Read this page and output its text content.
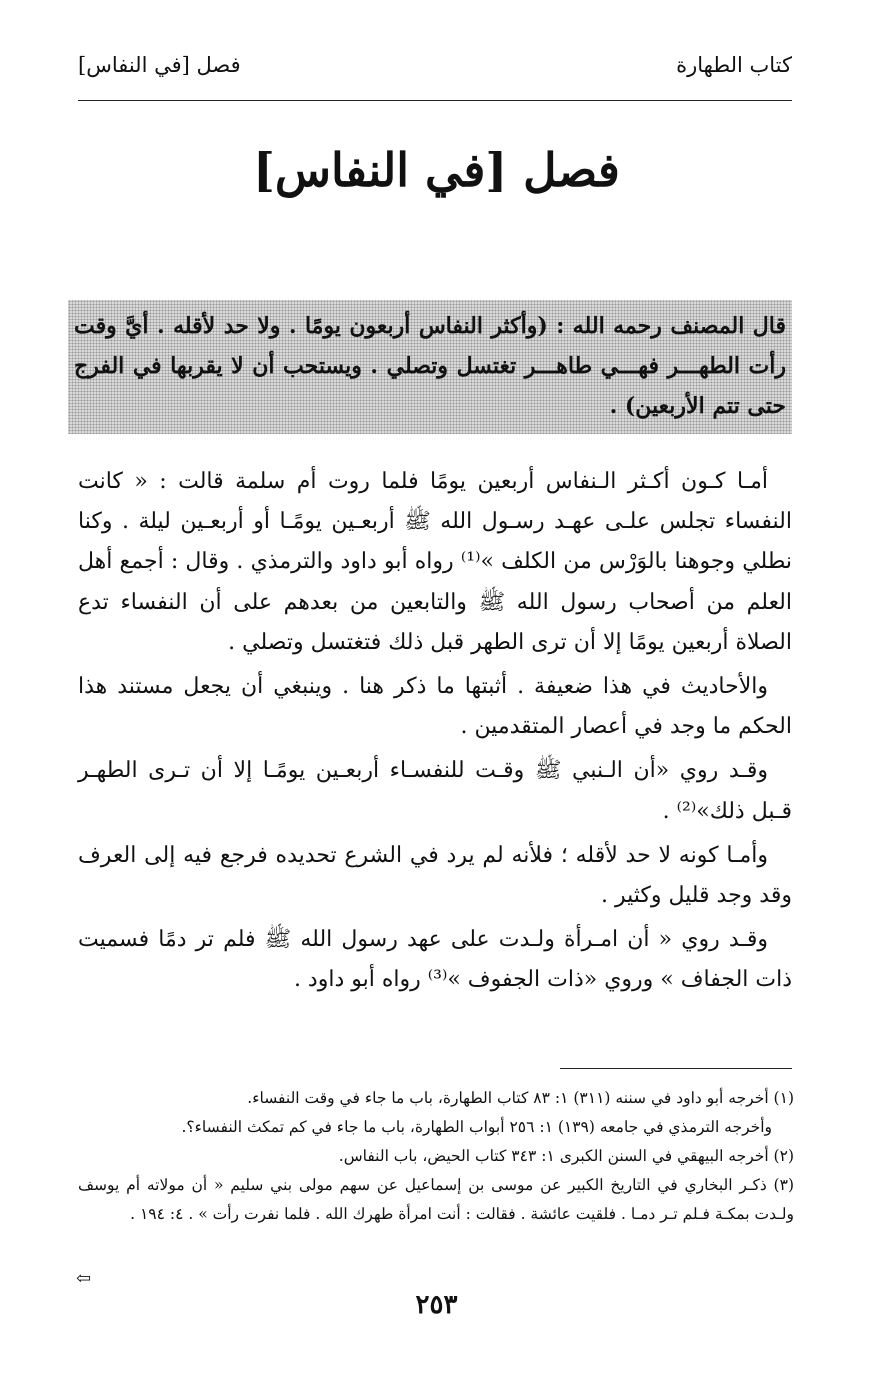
كتاب الطهارة
فصل [في النفاس]
فصل [في النفاس]
قال المصنف رحمه الله : (وأكثر النفاس أربعون يومًا . ولا حد لأقله . أيَّ وقت رأت الطهـــر فهـــي طاهـــر تغتسل وتصلي . ويستحب أن لا يقربها في الفرج حتى تتم الأربعين) .

أمـا كـون أكـثر الـنفاس أربعين يومًا فلما روت أم سلمة قالت : « كانت النفساء تجلس علـى عهـد رسـول الله ﷺ أربعـين يومًـا أو أربعـين ليلة . وكنا نطلي وجوهنا بالوَرْس من الكلف »⁽¹⁾ رواه أبو داود والترمذي . وقال : أجمع أهل العلم من أصحاب رسول الله ﷺ والتابعين من بعدهم على أن النفساء تدع الصلاة أربعين يومًا إلا أن ترى الطهر قبل ذلك فتغتسل وتصلي .

والأحاديث في هذا ضعيفة . أثبتها ما ذكر هنا . وينبغي أن يجعل مستند هذا الحكم ما وجد في أعصار المتقدمين .

وقـد روي «أن الـنبي ﷺ وقـت للنفسـاء أربعـين يومًـا إلا أن تـرى الطهـر قـبل ذلك»⁽²⁾ .

وأمـا كونه لا حد لأقله ؛ فلأنه لم يرد في الشرع تحديده فرجع فيه إلى العرف وقد وجد قليل وكثير .

وقـد روي « أن امـرأة ولـدت على عهد رسول الله ﷺ فلم تر دمًا فسميت ذات الجفاف » وروي «ذات الجفوف »⁽³⁾ رواه أبو داود .

(١) أخرجه أبو داود في سننه (٣١١) ١: ٨٣ كتاب الطهارة، باب ما جاء في وقت النفساء.

وأخرجه الترمذي في جامعه (١٣٩) ١: ٢٥٦ أبواب الطهارة، باب ما جاء في كم تمكث النفساء؟.

(٢) أخرجه البيهقي في السنن الكبرى ١: ٣٤٣ كتاب الحيض، باب النفاس.

(٣) ذكـر البخاري في التاريخ الكبير عن موسى بن إسماعيل عن سهم مولى بني سليم « أن مولاته أم يوسف ولـدت بمكـة فـلم تـر دمـا . فلقيت عائشة . فقالت : أنت امرأة طهرك الله . فلما نفرت رأت » . ٤: ١٩٤ .

⇦
٢٥٣
